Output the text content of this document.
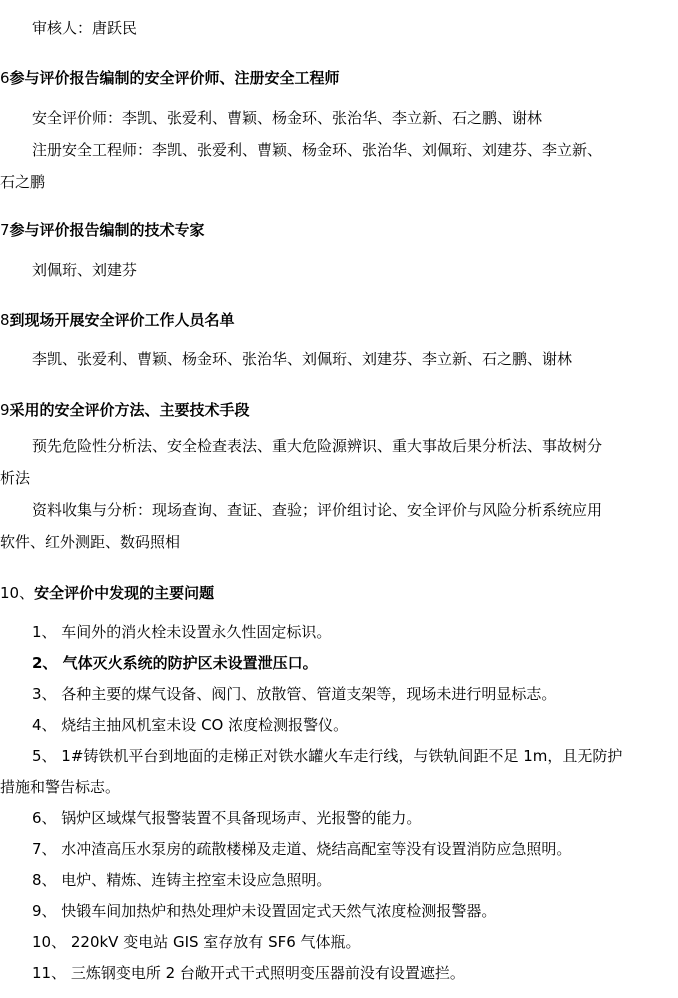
审核人：唐跃民
6参与评价报告编制的安全评价师、注册安全工程师
安全评价师：李凯、张爱利、曹颖、杨金环、张治华、李立新、石之鹏、谢林
注册安全工程师：李凯、张爱利、曹颖、杨金环、张治华、刘佩珩、刘建芬、李立新、
石之鹏
7参与评价报告编制的技术专家
刘佩珩、刘建芬
8到现场开展安全评价工作人员名单
李凯、张爱利、曹颖、杨金环、张治华、刘佩珩、刘建芬、李立新、石之鹏、谢林
9采用的安全评价方法、主要技术手段
预先危险性分析法、安全检查表法、重大危险源辨识、重大事故后果分析法、事故树分
析法
资料收集与分析：现场查询、查证、查验；评价组讨论、安全评价与风险分析系统应用
软件、红外测距、数码照相
10、安全评价中发现的主要问题
1、 车间外的消火栓未设置永久性固定标识。
2、 气体灭火系统的防护区未设置泄压口。
3、 各种主要的煤气设备、阀门、放散管、管道支架等，现场未进行明显标志。
4、 烧结主抽风机室未设 CO 浓度检测报警仪。
5、 1#铸铁机平台到地面的走梯正对铁水罐火车走行线，与铁轨间距不足 1m，且无防护
措施和警告标志。
6、 锅炉区域煤气报警装置不具备现场声、光报警的能力。
7、 水冲渣高压水泵房的疏散楼梯及走道、烧结高配室等没有设置消防应急照明。
8、 电炉、精炼、连铸主控室未设应急照明。
9、 快锻车间加热炉和热处理炉未设置固定式天然气浓度检测报警器。
10、 220kV 变电站 GIS 室存放有 SF6 气体瓶。
11、 三炼钢变电所 2 台敞开式干式照明变压器前没有设置遮拦。
